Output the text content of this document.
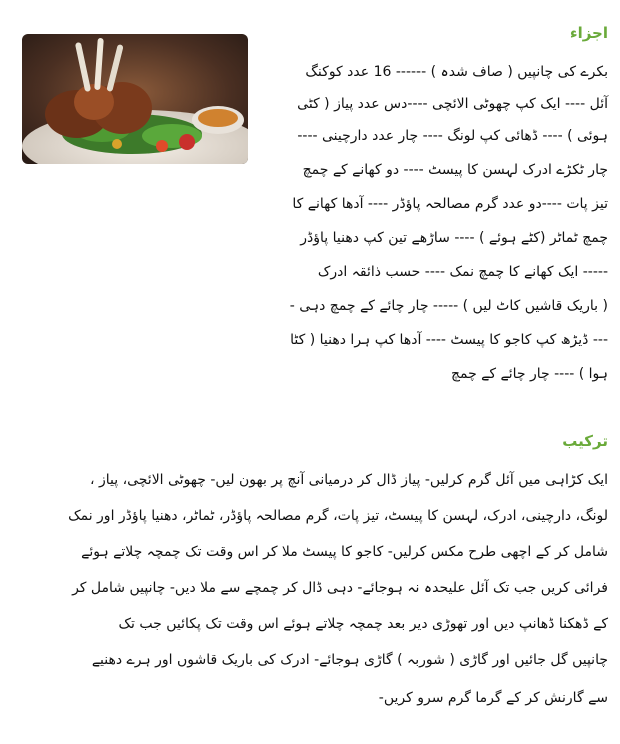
اجزاء
بکرے کی چانپیں ( صاف شدہ ) ------ 16 عدد کوکنگ
آئل ---- ایک کپ چھوٹی الائچی ----دس عدد پیاز ( کٹی
ہوئی ) ---- ڈھائی کپ لونگ ---- چار عدد دارچینی ----
چار ٹکڑے ادرک لہسن کا پیسٹ ---- دو کھانے کے چمچ
تیز پات ----دو عدد گرم مصالحہ پاؤڈر ---- آدھا کھانے کا
چمچ ٹماٹر (کٹے ہوئے ) ---- ساڑھے تین کپ دھنیا پاؤڈر
----- ایک کھانے کا چمچ نمک ---- حسب ذائقہ ادرک
( باریک قاشیں کاٹ لیں ) ----- چار چائے کے چمچ دہی -
--- ڈیڑھ کپ کاجو کا پیسٹ ---- آدھا کپ ہرا دھنیا ( کٹا
ہوا ) ---- چار چائے کے چمچ
ترکیب
ایک کڑاہی میں آئل گرم کرلیں- پیاز ڈال کر درمیانی آنچ پر بھون لیں- چھوٹی الائچی، پیاز ،
لونگ، دارچینی، ادرک، لہسن کا پیسٹ، تیز پات، گرم مصالحہ پاؤڈر، ٹماٹر، دھنیا پاؤڈر اور نمک
شامل کر کے اچھی طرح مکس کرلیں- کاجو کا پیسٹ ملا کر اس وقت تک چمچہ چلاتے ہوئے
فرائی کریں جب تک آئل علیحدہ نہ ہوجائے- دہی ڈال کر چمچے سے ملا دیں- چانپیں شامل کر
کے ڈھکنا ڈھانپ دیں اور تھوڑی دیر بعد چمچہ چلاتے ہوئے اس وقت تک پکائیں جب تک
چانپیں گل جائیں اور گاڑی ( شوربہ ) گاڑی ہوجائے- ادرک کی باریک قاشوں اور ہرے دھنیے
سے گارنش کر کے گرما گرم سرو کریں-
